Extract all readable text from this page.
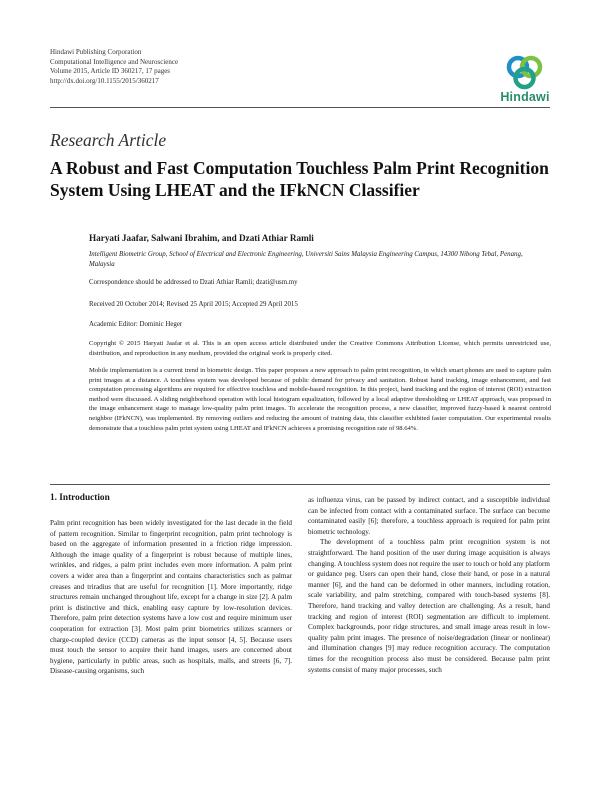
Hindawi Publishing Corporation
Computational Intelligence and Neuroscience
Volume 2015, Article ID 360217, 17 pages
http://dx.doi.org/10.1155/2015/360217
Hindawi
Research Article
A Robust and Fast Computation Touchless Palm Print Recognition System Using LHEAT and the IFkNCN Classifier
Haryati Jaafar, Salwani Ibrahim, and Dzati Athiar Ramli
Intelligent Biometric Group, School of Electrical and Electronic Engineering, Universiti Sains Malaysia Engineering Campus, 14300 Nibong Tebal, Penang, Malaysia
Correspondence should be addressed to Dzati Athiar Ramli; dzati@usm.my
Received 20 October 2014; Revised 25 April 2015; Accepted 29 April 2015
Academic Editor: Dominic Heger
Copyright © 2015 Haryati Jaafar et al. This is an open access article distributed under the Creative Commons Attribution License, which permits unrestricted use, distribution, and reproduction in any medium, provided the original work is properly cited.
Mobile implementation is a current trend in biometric design. This paper proposes a new approach to palm print recognition, in which smart phones are used to capture palm print images at a distance. A touchless system was developed because of public demand for privacy and sanitation. Robust hand tracking, image enhancement, and fast computation processing algorithms are required for effective touchless and mobile-based recognition. In this project, hand tracking and the region of interest (ROI) extraction method were discussed. A sliding neighborhood operation with local histogram equalization, followed by a local adaptive thresholding or LHEAT approach, was proposed in the image enhancement stage to manage low-quality palm print images. To accelerate the recognition process, a new classifier, improved fuzzy-based k nearest centroid neighbor (IFkNCN), was implemented. By removing outliers and reducing the amount of training data, this classifier exhibited faster computation. Our experimental results demonstrate that a touchless palm print system using LHEAT and IFkNCN achieves a promising recognition rate of 98.64%.
1. Introduction

Palm print recognition has been widely investigated for the last decade in the field of pattern recognition. Similar to fingerprint recognition, palm print technology is based on the aggregate of information presented in a friction ridge impression. Although the image quality of a fingerprint is robust because of multiple lines, wrinkles, and ridges, a palm print includes even more information. A palm print covers a wider area than a fingerprint and contains characteristics such as palmar creases and triradius that are useful for recognition [1]. More importantly, ridge structures remain unchanged throughout life, except for a change in size [2]. A palm print is distinctive and thick, enabling easy capture by low-resolution devices. Therefore, palm print detection systems have a low cost and require minimum user cooperation for extraction [3]. Most palm print biometrics utilizes scanners or charge-coupled device (CCD) cameras as the input sensor [4, 5]. Because users must touch the sensor to acquire their hand images, users are concerned about hygiene, particularly in public areas, such as hospitals, malls, and streets [6, 7]. Disease-causing organisms, such

as influenza virus, can be passed by indirect contact, and a susceptible individual can be infected from contact with a contaminated surface. The surface can become contaminated easily [6]; therefore, a touchless approach is required for palm print biometric technology.

The development of a touchless palm print recognition system is not straightforward. The hand position of the user during image acquisition is always changing. A touchless system does not require the user to touch or hold any platform or guidance peg. Users can open their hand, close their hand, or pose in a natural manner [6], and the hand can be deformed in other manners, including rotation, scale variability, and palm stretching, compared with touch-based systems [8]. Therefore, hand tracking and valley detection are challenging. As a result, hand tracking and region of interest (ROI) segmentation are difficult to implement. Complex backgrounds, poor ridge structures, and small image areas result in low-quality palm print images. The presence of noise/degradation (linear or nonlinear) and illumination changes [9] may reduce recognition accuracy. The computation times for the recognition process also must be considered. Because palm print systems consist of many major processes, such
